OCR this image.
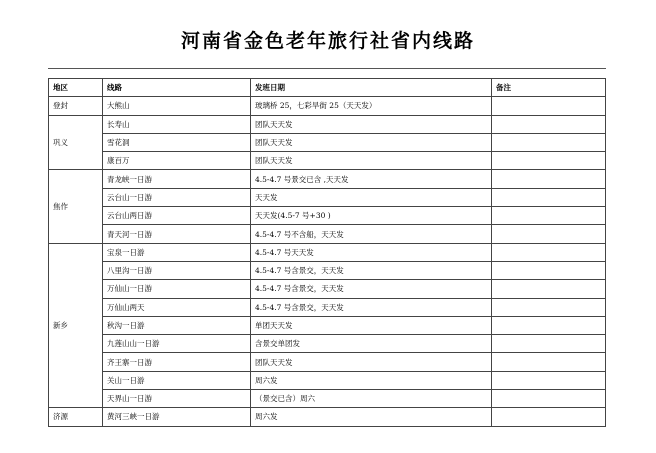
河南省金色老年旅行社省内线路
地区	线路	发班日期	备注
登封	大熊山	玻璃桥 25，七彩旱街 25（天天发）	
巩义	长寿山	团队天天发	
	雪花洞	团队天天发	
	康百万	团队天天发	
焦作	青龙峡一日游	4.5-4.7 号景交已含 ,天天发	
	云台山一日游	天天发	
	云台山两日游	天天发(4.5-7 号+30 )	
	青天河一日游	4.5-4.7 号不含船，天天发	
新乡	宝泉一日游	4.5-4.7 号天天发	
	八里沟一日游	4.5-4.7 号含景交，天天发	
	万仙山一日游	4.5-4.7 号含景交，天天发	
	万仙山两天	4.5-4.7 号含景交，天天发	
	秋沟一日游	单团天天发	
	九莲山山一日游	含景交单团发	
	齐王寨一日游	团队天天发	
	关山一日游	周六发	
	天界山一日游	（景交已含）周六	
济源	黄河三峡一日游	周六发	
